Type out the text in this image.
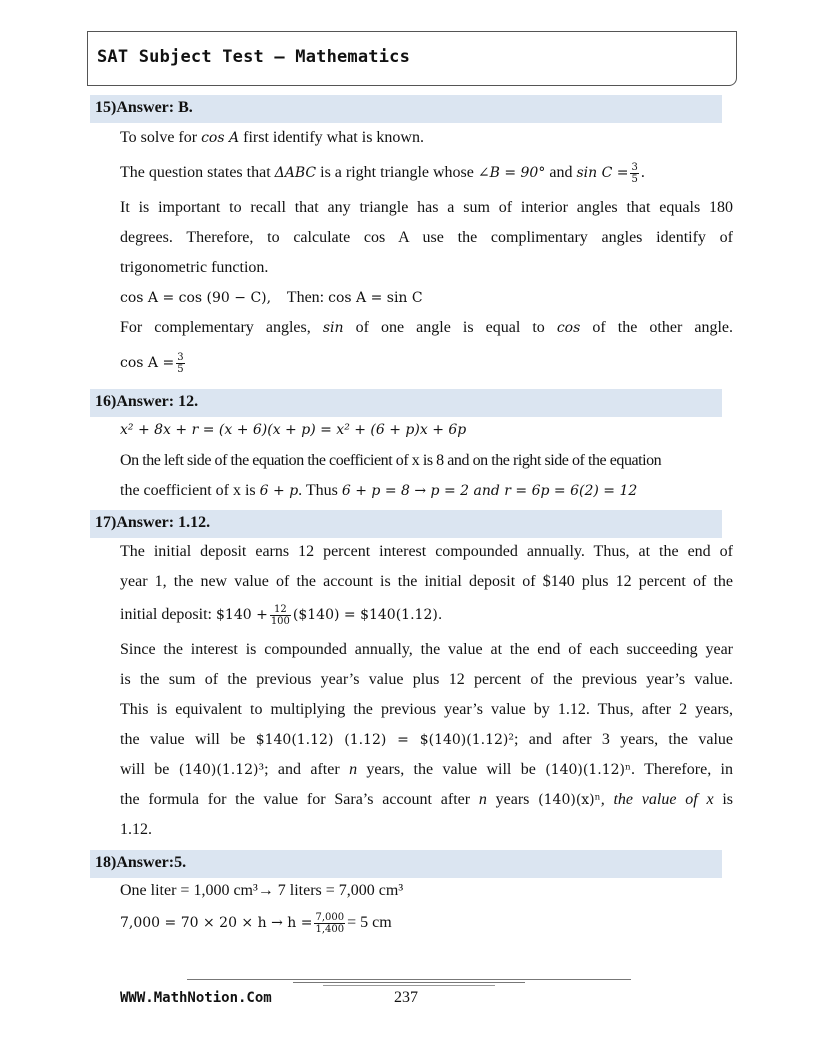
SAT Subject Test – Mathematics
15)Answer: B.
To solve for cos A first identify what is known.
The question states that ΔABC is a right triangle whose ∠B = 90° and $\sin C = \frac{3}{5}$ .
It is important to recall that any triangle has a sum of interior angles that equals 180
degrees. Therefore, to calculate cos A use the complimentary angles identify of
trigonometric function.
cos A = cos (90 − C),    Then: cos A = sin C
For complementary angles, sin of one angle is equal to cos of the other angle.
$\cos A = \frac{3}{5}$
16)Answer: 12.
x² + 8x + r = (x + 6)(x + p) = x² + (6 + p)x + 6p
On the left side of the equation the coefficient of x is 8 and on the right side of the equation
the coefficient of x is 6 + p. Thus 6 + p = 8 → p = 2 and r = 6p = 6(2) = 12
17)Answer: 1.12.
The initial deposit earns 12 percent interest compounded annually. Thus, at the end of
year 1, the new value of the account is the initial deposit of $140 plus 12 percent of the
initial deposit: $140 + $\frac{12}{100}$ ($140) = $140(1.12).
Since the interest is compounded annually, the value at the end of each succeeding year
is the sum of the previous year’s value plus 12 percent of the previous year’s value.
This is equivalent to multiplying the previous year’s value by 1.12. Thus, after 2 years,
the value will be $140(1.12) (1.12) = $(140)(1.12)²; and after 3 years, the value
will be (140)(1.12)³; and after n years, the value will be (140)(1.12)ⁿ. Therefore, in
the formula for the value for Sara’s account after n years (140)(x)ⁿ, the value of x is
1.12.
18)Answer:5.
One liter = 1,000 cm³→ 7 liters = 7,000 cm³
$7,000 = 70 \times 20 \times h \to h = \frac{7,000}{1,400} = 5$ cm
WWW.MathNotion.Com	237
